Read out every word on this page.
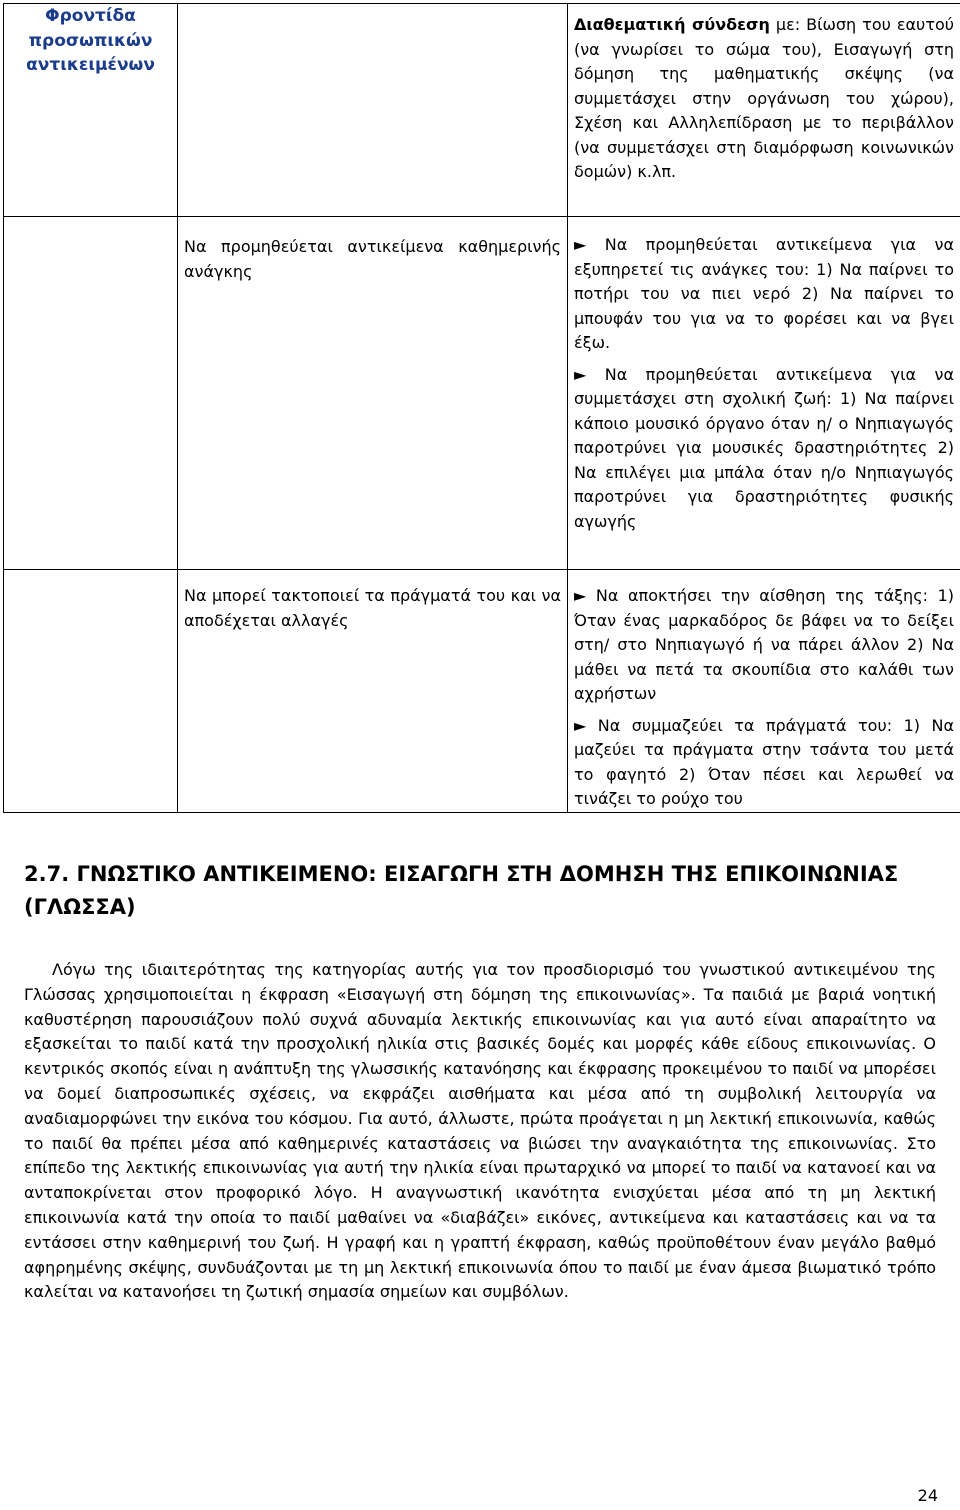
Φροντίδα προσωπικών αντικειμένων		Διαθεματική σύνδεση με: Βίωση του εαυτού (να γνωρίσει το σώμα του), Εισαγωγή στη δόμηση της μαθηματικής σκέψης (να συμμετάσχει στην οργάνωση του χώρου), Σχέση και Αλληλεπίδραση με το περιβάλλον (να συμμετάσχει στη διαμόρφωση κοινωνικών δομών) κ.λπ.

	Να προμηθεύεται αντικείμενα καθημερινής ανάγκης	► Να προμηθεύεται αντικείμενα για να εξυπηρετεί τις ανάγκες του: 1) Να παίρνει το ποτήρι του να πιει νερό 2) Να παίρνει το μπουφάν του για να το φορέσει και να βγει έξω.
► Να προμηθεύεται αντικείμενα για να συμμετάσχει στη σχολική ζωή: 1) Να παίρνει κάποιο μουσικό όργανο όταν η/ ο Νηπιαγωγός παροτρύνει για μουσικές δραστηριότητες 2) Να επιλέγει μια μπάλα όταν η/ο Νηπιαγωγός παροτρύνει για δραστηριότητες φυσικής αγωγής

	Να μπορεί τακτοποιεί τα πράγματά του και να αποδέχεται αλλαγές	► Να αποκτήσει την αίσθηση της τάξης: 1) Όταν ένας μαρκαδόρος δε βάφει να το δείξει στη/ στο Νηπιαγωγό ή να πάρει άλλον 2) Να μάθει να πετά τα σκουπίδια στο καλάθι των αχρήστων
► Να συμμαζεύει τα πράγματά του: 1) Να μαζεύει τα πράγματα στην τσάντα του μετά το φαγητό 2) Όταν πέσει και λερωθεί να τινάζει το ρούχο του
2.7. ΓΝΩΣΤΙΚΟ ΑΝΤΙΚΕΙΜΕΝΟ: ΕΙΣΑΓΩΓΗ ΣΤΗ ΔΟΜΗΣΗ ΤΗΣ ΕΠΙΚΟΙΝΩΝΙΑΣ (ΓΛΩΣΣΑ)

Λόγω της ιδιαιτερότητας της κατηγορίας αυτής για τον προσδιορισμό του γνωστικού αντικειμένου της Γλώσσας χρησιμοποιείται η έκφραση «Εισαγωγή στη δόμηση της επικοινωνίας». Τα παιδιά με βαριά νοητική καθυστέρηση παρουσιάζουν πολύ συχνά αδυναμία λεκτικής επικοινωνίας και για αυτό είναι απαραίτητο να εξασκείται το παιδί κατά την προσχολική ηλικία στις βασικές δομές και μορφές κάθε είδους επικοινωνίας. Ο κεντρικός σκοπός είναι η ανάπτυξη της γλωσσικής κατανόησης και έκφρασης προκειμένου το παιδί να μπορέσει να δομεί διαπροσωπικές σχέσεις, να εκφράζει αισθήματα και μέσα από τη συμβολική λειτουργία να αναδιαμορφώνει την εικόνα του κόσμου. Για αυτό, άλλωστε, πρώτα προάγεται η μη λεκτική επικοινωνία, καθώς το παιδί θα πρέπει μέσα από καθημερινές καταστάσεις να βιώσει την αναγκαιότητα της επικοινωνίας. Στο επίπεδο της λεκτικής επικοινωνίας για αυτή την ηλικία είναι πρωταρχικό να μπορεί το παιδί να κατανοεί και να ανταποκρίνεται στον προφορικό λόγο. Η αναγνωστική ικανότητα ενισχύεται μέσα από τη μη λεκτική επικοινωνία κατά την οποία το παιδί μαθαίνει να «διαβάζει» εικόνες, αντικείμενα και καταστάσεις και να τα εντάσσει στην καθημερινή του ζωή. Η γραφή και η γραπτή έκφραση, καθώς προϋποθέτουν έναν μεγάλο βαθμό αφηρημένης σκέψης, συνδυάζονται με τη μη λεκτική επικοινωνία όπου το παιδί με έναν άμεσα βιωματικό τρόπο καλείται να κατανοήσει τη ζωτική σημασία σημείων και συμβόλων.

24
